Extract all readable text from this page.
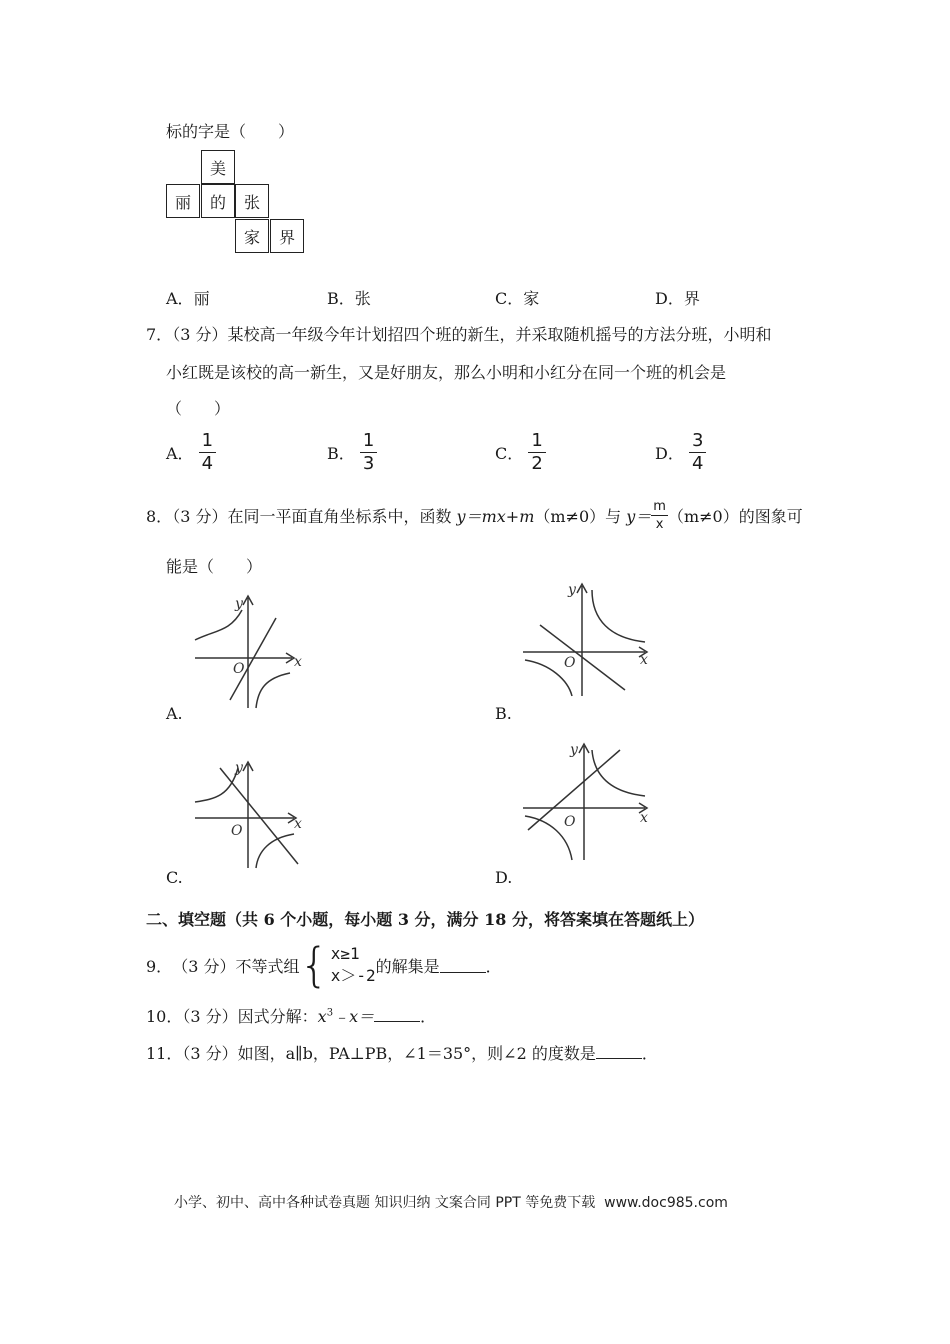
标的字是（　　）
美
丽	的	张
家	界
A．丽	B．张	C．家	D．界
7．（3 分）某校高一年级今年计划招四个班的新生，并采取随机摇号的方法分班，小明和
小红既是该校的高一新生，又是好朋友，那么小明和小红分在同一个班的机会是
（　　）
A． $\frac{1}{4}$	B． $\frac{1}{3}$	C． $\frac{1}{2}$	D． $\frac{3}{4}$
8．（3 分）在同一平面直角坐标系中，函数 y＝mx+m（m≠0）与 $y= \frac{m}{x} (m\ne 0)$的图象可
能是（　　）
O	x
y
A.
O	x
y
B.
O	x
y
C.
O	x
y
D.
二、填空题（共 6 个小题，每小题 3 分，满分 18 分，将答案填在答题纸上）
9． （3 分）不等式组 { x≥1
x＞-2 的解集是	．
10．（3 分）因式分解：$x^3﹣x=$	．
11．（3 分）如图，a∥b，PA⊥PB，∠1＝35°，则∠2 的度数是	．
小学、初中、高中各种试卷真题 知识归纳 文案合同 PPT 等免费下载 www.doc985.com
